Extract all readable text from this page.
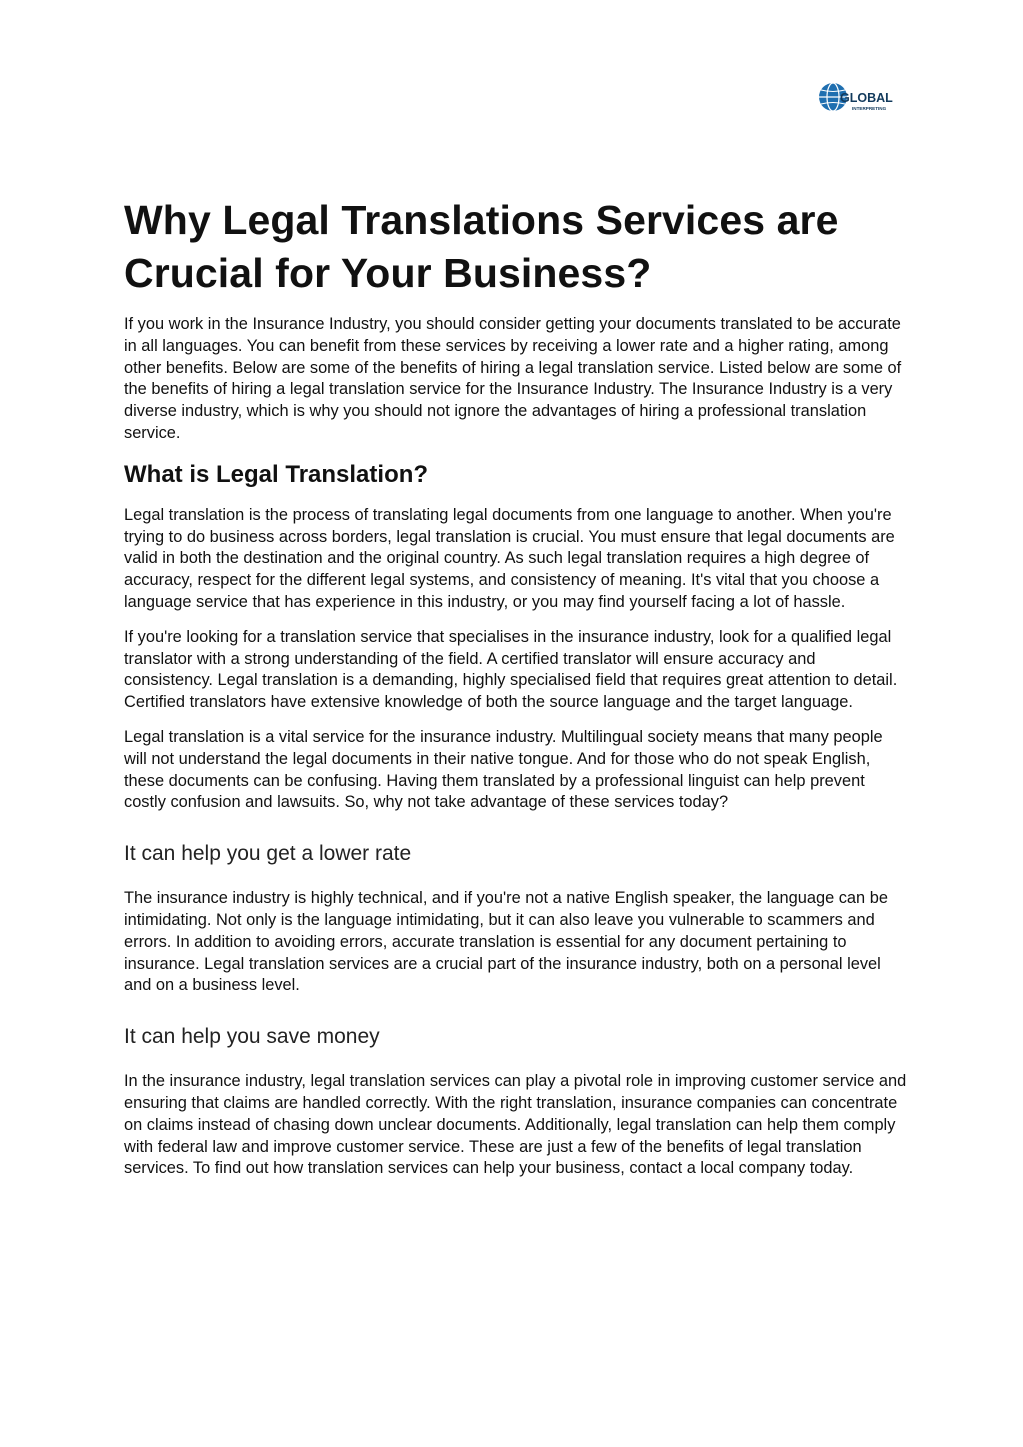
GLOBAL
INTERPRETING
Why Legal Translations Services are Crucial for Your Business?

If you work in the Insurance Industry, you should consider getting your documents translated to be accurate in all languages. You can benefit from these services by receiving a lower rate and a higher rating, among other benefits. Below are some of the benefits of hiring a legal translation service. Listed below are some of the benefits of hiring a legal translation service for the Insurance Industry. The Insurance Industry is a very diverse industry, which is why you should not ignore the advantages of hiring a professional translation service.

What is Legal Translation?

Legal translation is the process of translating legal documents from one language to another. When you're trying to do business across borders, legal translation is crucial. You must ensure that legal documents are valid in both the destination and the original country. As such legal translation requires a high degree of accuracy, respect for the different legal systems, and consistency of meaning. It's vital that you choose a language service that has experience in this industry, or you may find yourself facing a lot of hassle.

If you're looking for a translation service that specialises in the insurance industry, look for a qualified legal translator with a strong understanding of the field. A certified translator will ensure accuracy and consistency. Legal translation is a demanding, highly specialised field that requires great attention to detail. Certified translators have extensive knowledge of both the source language and the target language.

Legal translation is a vital service for the insurance industry. Multilingual society means that many people will not understand the legal documents in their native tongue. And for those who do not speak English, these documents can be confusing. Having them translated by a professional linguist can help prevent costly confusion and lawsuits. So, why not take advantage of these services today?

It can help you get a lower rate

The insurance industry is highly technical, and if you're not a native English speaker, the language can be intimidating. Not only is the language intimidating, but it can also leave you vulnerable to scammers and errors. In addition to avoiding errors, accurate translation is essential for any document pertaining to insurance. Legal translation services are a crucial part of the insurance industry, both on a personal level and on a business level.

It can help you save money

In the insurance industry, legal translation services can play a pivotal role in improving customer service and ensuring that claims are handled correctly. With the right translation, insurance companies can concentrate on claims instead of chasing down unclear documents. Additionally, legal translation can help them comply with federal law and improve customer service. These are just a few of the benefits of legal translation services. To find out how translation services can help your business, contact a local company today.
